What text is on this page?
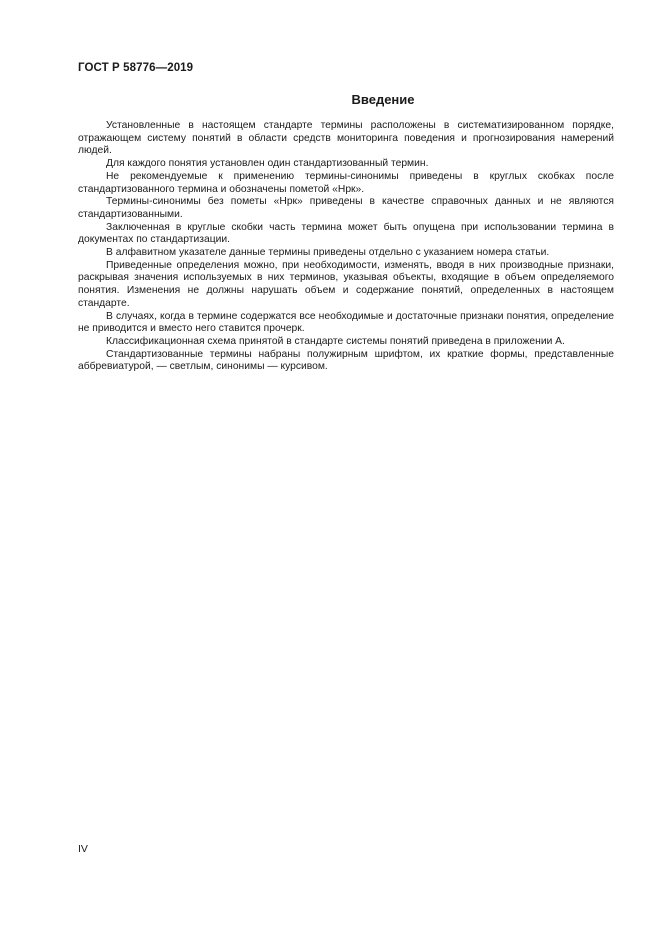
ГОСТ Р 58776—2019
Введение

Установленные в настоящем стандарте термины расположены в систематизированном порядке, отражающем систему понятий в области средств мониторинга поведения и прогнозирования намерений людей.

Для каждого понятия установлен один стандартизованный термин.

Не рекомендуемые к применению термины-синонимы приведены в круглых скобках после стандартизованного термина и обозначены пометой «Нрк».

Термины-синонимы без пометы «Нрк» приведены в качестве справочных данных и не являются стандартизованными.

Заключенная в круглые скобки часть термина может быть опущена при использовании термина в документах по стандартизации.

В алфавитном указателе данные термины приведены отдельно с указанием номера статьи.

Приведенные определения можно, при необходимости, изменять, вводя в них производные признаки, раскрывая значения используемых в них терминов, указывая объекты, входящие в объем определяемого понятия. Изменения не должны нарушать объем и содержание понятий, определенных в настоящем стандарте.

В случаях, когда в термине содержатся все необходимые и достаточные признаки понятия, определение не приводится и вместо него ставится прочерк.

Классификационная схема принятой в стандарте системы понятий приведена в приложении А.

Стандартизованные термины набраны полужирным шрифтом, их краткие формы, представленные аббревиатурой, — светлым, синонимы — курсивом.

IV
